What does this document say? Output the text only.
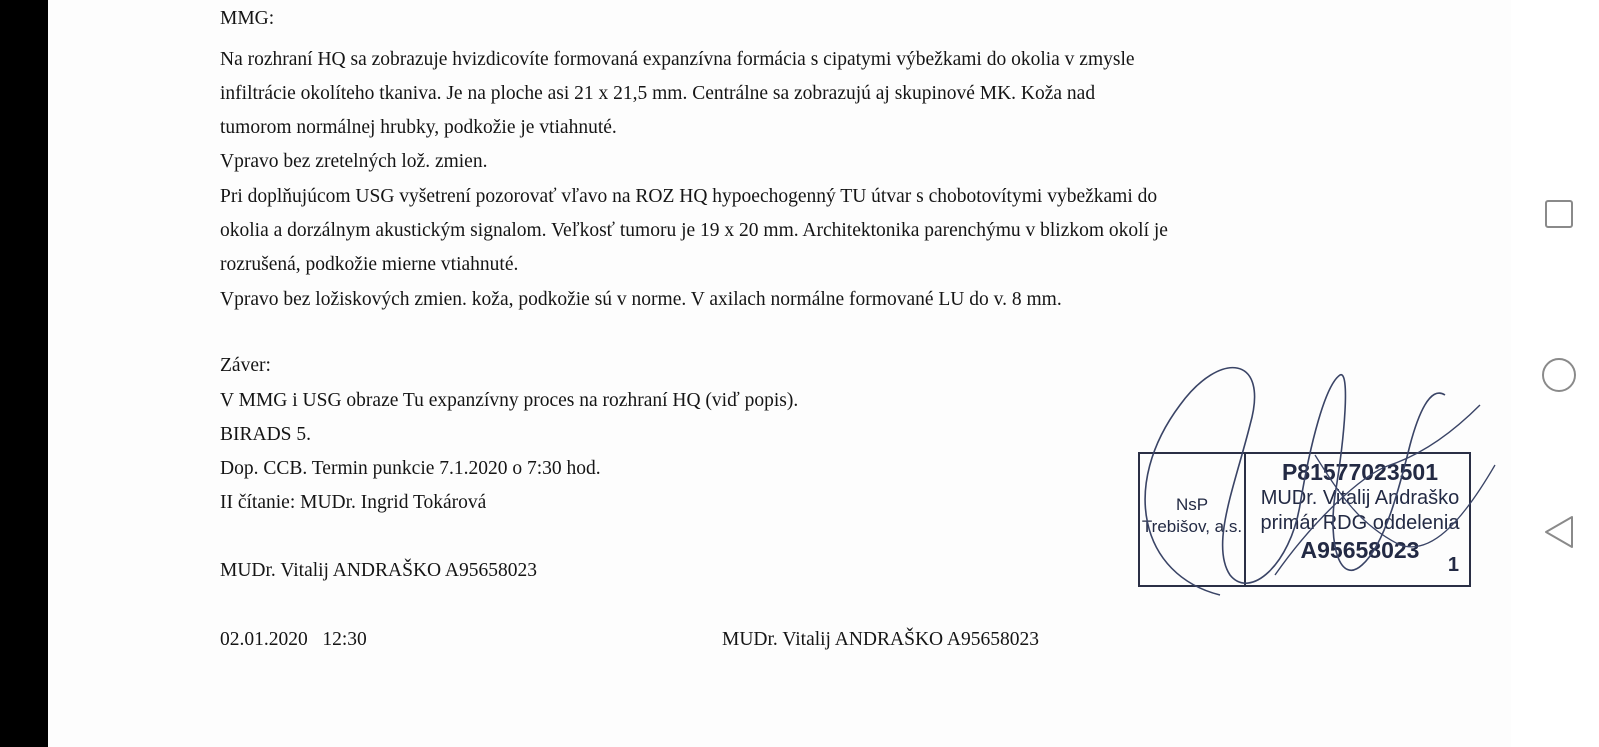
MMG:
Na rozhraní HQ sa zobrazuje hvizdicovíte formovaná expanzívna formácia s cipatymi výbežkami do okolia v zmysle
infiltrácie okolíteho tkaniva. Je na ploche asi 21 x 21,5 mm. Centrálne sa zobrazujú aj skupinové MK. Koža nad
tumorom normálnej hrubky, podkožie je vtiahnuté.
Vpravo bez zretelných lož. zmien.
Pri doplňujúcom USG vyšetrení pozorovať vľavo na ROZ HQ hypoechogenný TU útvar s chobotovítymi vybežkami do
okolia a dorzálnym akustickým signalom. Veľkosť tumoru je 19 x 20 mm. Architektonika parenchýmu v blizkom okolí je
rozrušená, podkožie mierne vtiahnuté.
Vpravo bez ložiskových zmien. koža, podkožie sú v norme. V axilach normálne formované LU do v. 8 mm.
Záver:
V MMG i USG obraze Tu expanzívny proces na rozhraní HQ (viď popis).
BIRADS 5.
Dop. CCB. Termin punkcie 7.1.2020 o 7:30 hod.
II čítanie: MUDr. Ingrid Tokárová
MUDr. Vitalij ANDRAŠKO A95658023
02.01.2020   12:30	MUDr. Vitalij ANDRAŠKO A95658023
NsP
Trebišov, a.s.
P81577023501
MUDr. Vitalij Andraško
primár RDG oddelenia
A95658023
1
